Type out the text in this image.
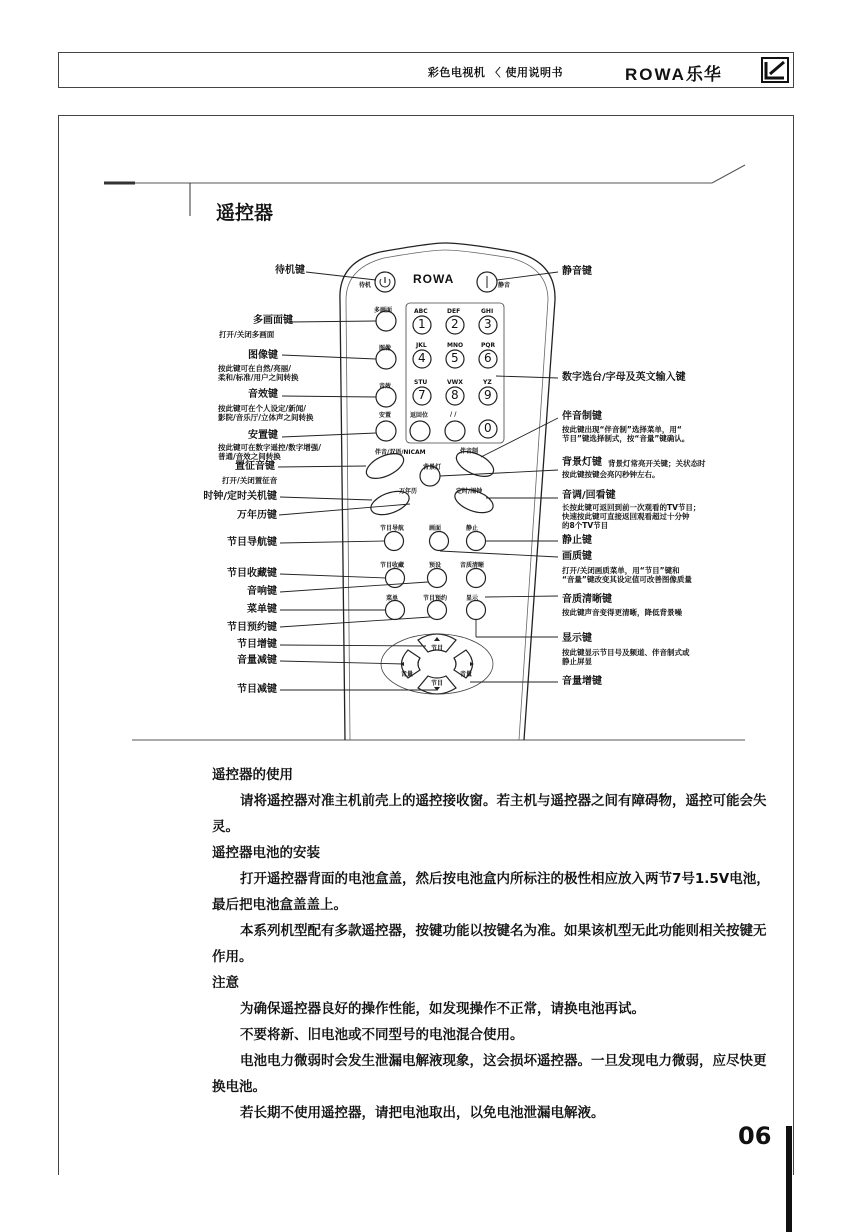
彩色电视机 〈 使用说明书	ROWA乐华
遥控器
待机	静音
ROWA
多画面
图像
音效
安置	返回位
伴音/双语/NICAM	伴音制
背景灯
万年历	定时/闹钟
节目导航	画面	静止
节目收藏	预设	音质清晰
菜单	节目预约	显示
节目
节目
音量	音量
ABC	DEF	GHI
JKL	MNO	PQR
STU	VWX	YZ
/ /
1 2 3
4 5 6
7 8 9
0
待机键
多画面键
打开/关闭多画面
图像键
按此键可在自然/亮丽/
柔和/标准/用户之间转换
音效键
按此键可在个人设定/新闻/
影院/音乐厅/立体声之间转换
安置键
按此键可在数字遥控/数字增强/
普通/音效之间转换
置征音键
打开/关闭置征音
时钟/定时关机键
万年历键
节目导航键
节目收藏键
音响键
菜单键
节目预约键
节目增键
音量减键
节目减键
静音键
数字选台/字母及英文输入键
伴音制键
按此键出现“伴音制”选择菜单，用“
节目”键选择制式，按“音量”键确认。
背景灯键 背景灯常亮开关键；关状态时
按此键按键会亮闪秒钟左右。
音调/回看键
长按此键可返回到前一次观看的TV节目；
快速按此键可直接返回观看超过十分钟
的8个TV节目
静止键
画质键
打开/关闭画质菜单，用“节目”键和
“音量”键改变其设定值可改善图像质量
音质清晰键
按此键声音变得更清晰，降低背景噪
显示键
按此键显示节目号及频道、伴音制式或
静止屏显
音量增键

遥控器的使用

请将遥控器对准主机前壳上的遥控接收窗。若主机与遥控器之间有障碍物，遥控可能会失灵。

遥控器电池的安装

打开遥控器背面的电池盒盖，然后按电池盒内所标注的极性相应放入两节7号1.5V电池，最后把电池盒盖盖上。

本系列机型配有多款遥控器，按键功能以按键名为准。如果该机型无此功能则相关按键无作用。

注意

为确保遥控器良好的操作性能，如发现操作不正常，请换电池再试。

不要将新、旧电池或不同型号的电池混合使用。

电池电力微弱时会发生泄漏电解液现象，这会损坏遥控器。一旦发现电力微弱，应尽快更换电池。

若长期不使用遥控器，请把电池取出，以免电池泄漏电解液。

06
